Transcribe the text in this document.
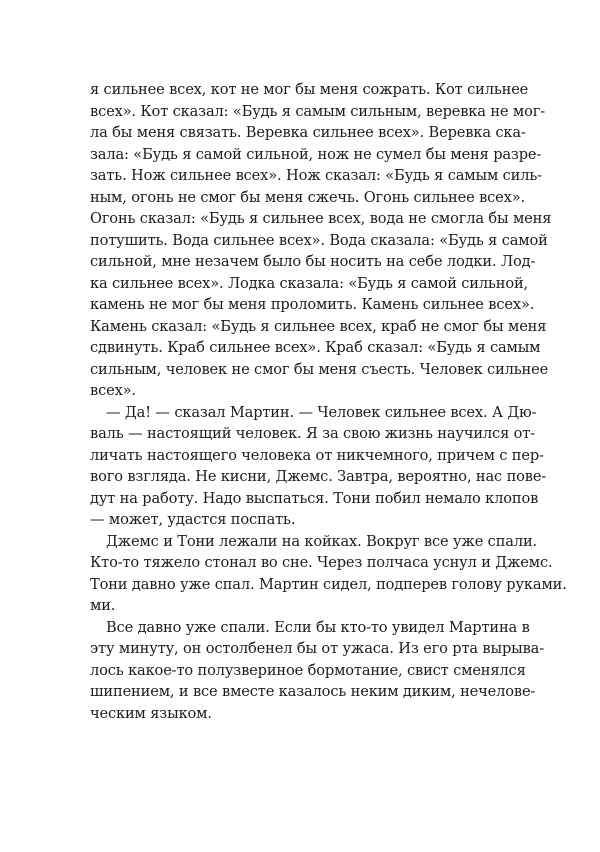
я сильнее всех, кот не мог бы меня сожрать. Кот сильнее
всех». Кот сказал: «Будь я самым сильным, веревка не мог-
ла бы меня связать. Веревка сильнее всех». Веревка ска-
зала: «Будь я самой сильной, нож не сумел бы меня разре-
зать. Нож сильнее всех». Нож сказал: «Будь я самым силь-
ным, огонь не смог бы меня сжечь. Огонь сильнее всех».
Огонь сказал: «Будь я сильнее всех, вода не смогла бы меня
потушить. Вода сильнее всех». Вода сказала: «Будь я самой
сильной, мне незачем было бы носить на себе лодки. Лод-
ка сильнее всех». Лодка сказала: «Будь я самой сильной,
камень не мог бы меня проломить. Камень сильнее всех».
Камень сказал: «Будь я сильнее всех, краб не смог бы меня
сдвинуть. Краб сильнее всех». Краб сказал: «Будь я самым
сильным, человек не смог бы меня съесть. Человек сильнее
всех».
— Да! — сказал Мартин. — Человек сильнее всех. А Дю-
валь — настоящий человек. Я за свою жизнь научился от-
личать настоящего человека от никчемного, причем с пер-
вого взгляда. Не кисни, Джемс. Завтра, вероятно, нас пове-
дут на работу. Надо выспаться. Тони побил немало клопов
— может, удастся поспать.
Джемс и Тони лежали на койках. Вокруг все уже спали.
Кто-то тяжело стонал во сне. Через полчаса уснул и Джемс.
Тони давно уже спал. Мартин сидел, подперев голову руками.
ми.
Все давно уже спали. Если бы кто-то увидел Мартина в
эту минуту, он остолбенел бы от ужаса. Из его рта вырыва-
лось какое-то полузвериное бормотание, свист сменялся
шипением, и все вместе казалось неким диким, нечелове-
ческим языком.
